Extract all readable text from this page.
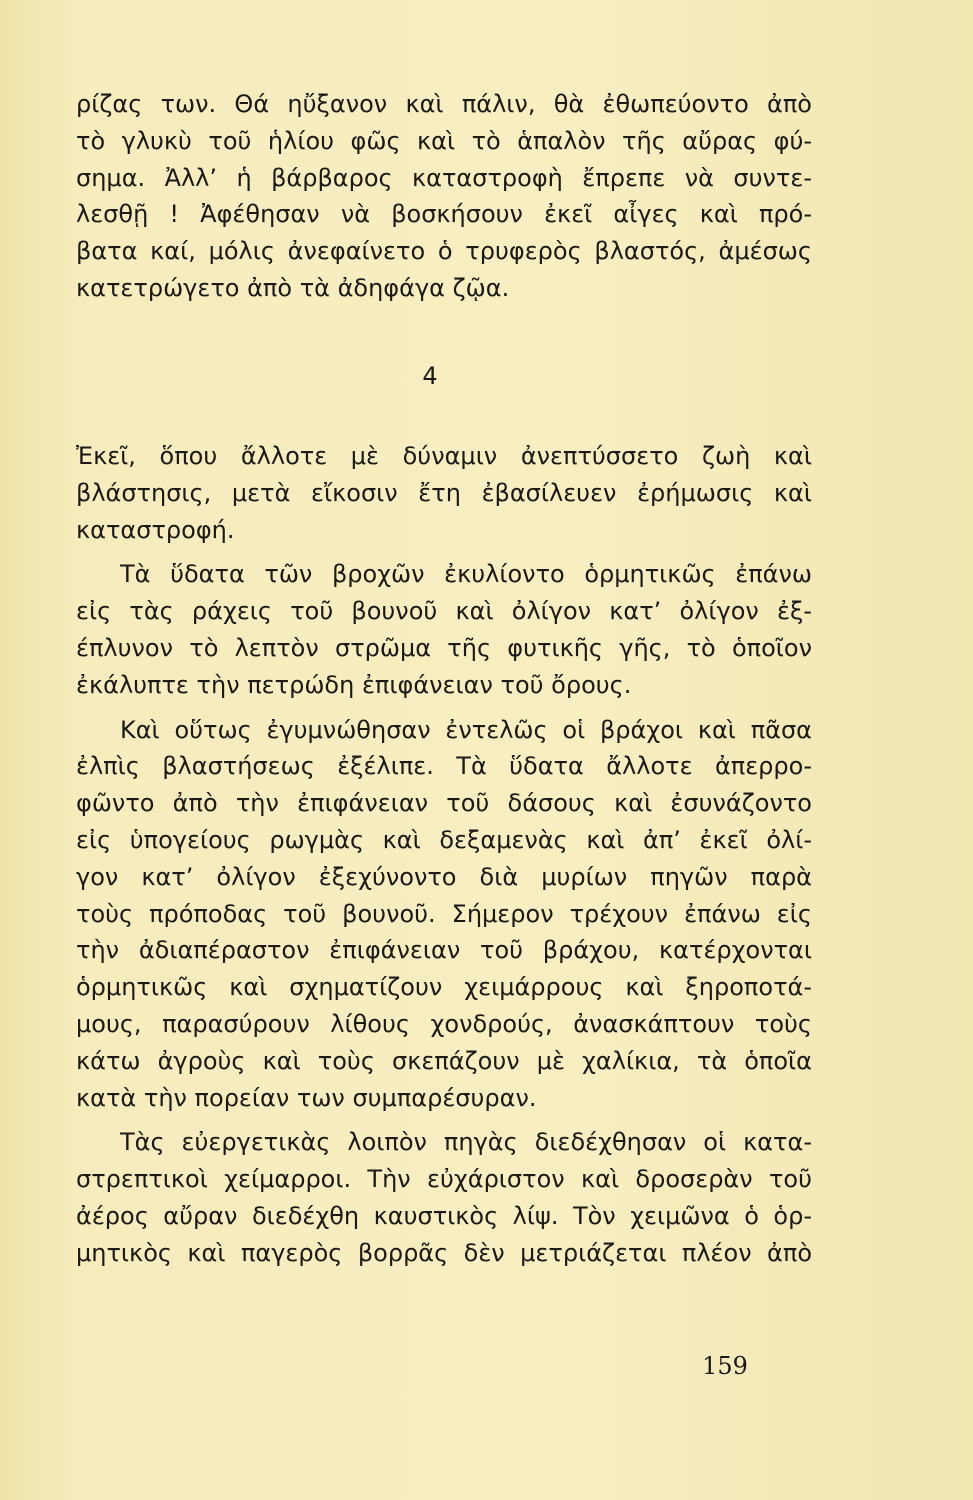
ρίζας των. Θά ηὔξανον καὶ πάλιν, θὰ ἐθωπεύοντο ἀπὸ
τὸ γλυκὺ τοῦ ἡλίου φῶς καὶ τὸ ἁπαλὸν τῆς αὔρας φύ-
σημα. Ἀλλ’ ἡ βάρβαρος καταστροφὴ ἔπρεπε νὰ συντε-
λεσθῇ ! Ἀφέθησαν νὰ βοσκήσουν ἐκεῖ αἶγες καὶ πρό-
βατα καί, μόλις ἀνεφαίνετο ὁ τρυφερὸς βλαστός, ἀμέσως
κατετρώγετο ἀπὸ τὰ ἀδηφάγα ζῷα.
4
Ἐκεῖ, ὅπου ἄλλοτε μὲ δύναμιν ἀνεπτύσσετο ζωὴ καὶ
βλάστησις, μετὰ εἴκοσιν ἔτη ἐβασίλευεν ἐρήμωσις καὶ
καταστροφή.
Τὰ ὕδατα τῶν βροχῶν ἐκυλίοντο ὁρμητικῶς ἐπάνω
εἰς τὰς ράχεις τοῦ βουνοῦ καὶ ὀλίγον κατ’ ὀλίγον ἐξ-
έπλυνον τὸ λεπτὸν στρῶμα τῆς φυτικῆς γῆς, τὸ ὁποῖον
ἐκάλυπτε τὴν πετρώδη ἐπιφάνειαν τοῦ ὄρους.
Καὶ οὕτως ἐγυμνώθησαν ἐντελῶς οἱ βράχοι καὶ πᾶσα
ἐλπὶς βλαστήσεως ἐξέλιπε. Τὰ ὕδατα ἄλλοτε ἀπερρο-
φῶντο ἀπὸ τὴν ἐπιφάνειαν τοῦ δάσους καὶ ἐσυνάζοντο
εἰς ὑπογείους ρωγμὰς καὶ δεξαμενὰς καὶ ἀπ’ ἐκεῖ ὀλί-
γον κατ’ ὀλίγον ἐξεχύνοντο διὰ μυρίων πηγῶν παρὰ
τοὺς πρόποδας τοῦ βουνοῦ. Σήμερον τρέχουν ἐπάνω εἰς
τὴν ἀδιαπέραστον ἐπιφάνειαν τοῦ βράχου, κατέρχονται
ὁρμητικῶς καὶ σχηματίζουν χειμάρρους καὶ ξηροποτά-
μους, παρασύρουν λίθους χονδρούς, ἀνασκάπτουν τοὺς
κάτω ἀγροὺς καὶ τοὺς σκεπάζουν μὲ χαλίκια, τὰ ὁποῖα
κατὰ τὴν πορείαν των συμπαρέσυραν.
Τὰς εὐεργετικὰς λοιπὸν πηγὰς διεδέχθησαν οἱ κατα-
στρεπτικοὶ χείμαρροι. Τὴν εὐχάριστον καὶ δροσερὰν τοῦ
ἀέρος αὔραν διεδέχθη καυστικὸς λίψ. Τὸν χειμῶνα ὁ ὁρ-
μητικὸς καὶ παγερὸς βορρᾶς δὲν μετριάζεται πλέον ἀπὸ
159
